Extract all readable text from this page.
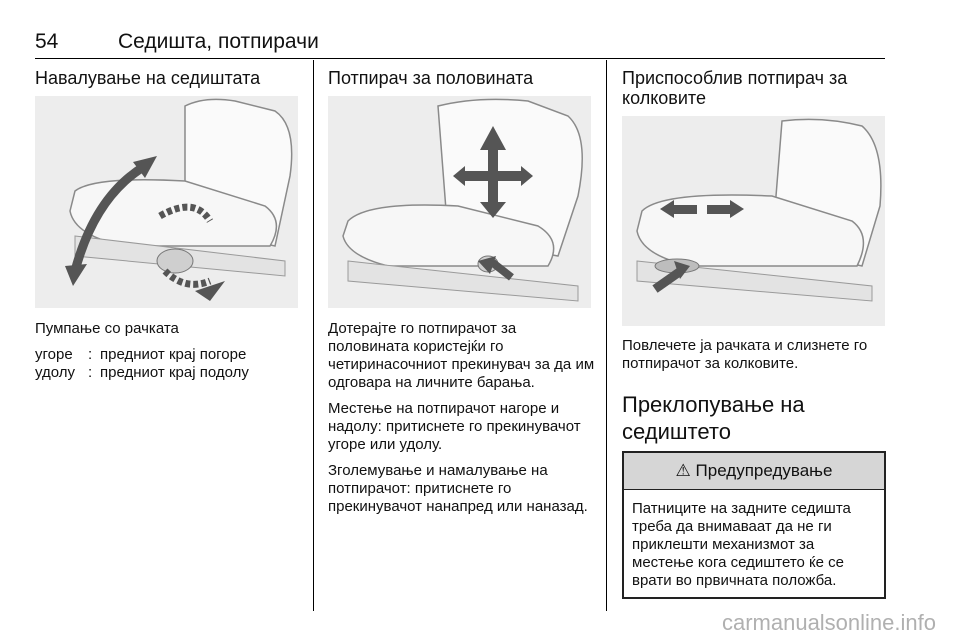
54	Седишта, потпирачи
Навалување на седиштата

Пумпање со рачката

угоре : предниот крај погоре
удолу : предниот крај подолу
Потпирач за половината

Дотерајте го потпирачот за половината користејќи го четиринасочниот прекинувач за да им одговара на личните барања.

Местење на потпирачот нагоре и надолу: притиснете го прекинувачот угоре или удолу.

Зголемување и намалување на потпирачот: притиснете го прекинувачот нанапред или наназад.

Приспособлив потпирач за колковите

Повлечете ја рачката и слизнете го потпирачот за колковите.

Преклопување на седиштето

⚠ Предупредување
Патниците на задните седишта треба да внимаваат да не ги приклешти механизмот за местење кога седиштето ќе се врати во првичната положба.
carmanualsonline.info
